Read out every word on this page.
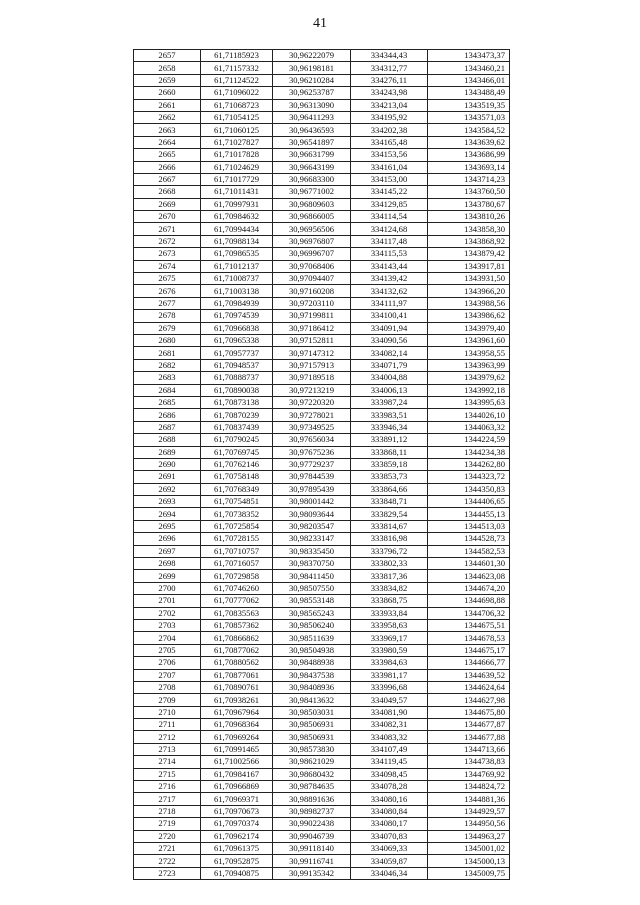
41
2657	61,71185923	30,96222079	334344,43	1343473,37
2658	61,71157332	30,96198181	334312,77	1343460,21
2659	61,71124522	30,96210284	334276,11	1343466,01
2660	61,71096022	30,96253787	334243,98	1343488,49
2661	61,71068723	30,96313090	334213,04	1343519,35
2662	61,71054125	30,96411293	334195,92	1343571,03
2663	61,71060125	30,96436593	334202,38	1343584,52
2664	61,71027827	30,96541897	334165,48	1343639,62
2665	61,71017828	30,96631799	334153,56	1343686,99
2666	61,71024629	30,96643199	334161,04	1343693,14
2667	61,71017729	30,96683300	334153,00	1343714,23
2668	61,71011431	30,96771002	334145,22	1343760,50
2669	61,70997931	30,96809603	334129,85	1343780,67
2670	61,70984632	30,96866005	334114,54	1343810,26
2671	61,70994434	30,96956506	334124,68	1343858,30
2672	61,70988134	30,96976807	334117,48	1343868,92
2673	61,70986535	30,96996707	334115,53	1343879,42
2674	61,71012137	30,97068406	334143,44	1343917,81
2675	61,71008737	30,97094407	334139,42	1343931,50
2676	61,71003138	30,97160208	334132,62	1343966,20
2677	61,70984939	30,97203110	334111,97	1343988,56
2678	61,70974539	30,97199811	334100,41	1343986,62
2679	61,70966838	30,97186412	334091,94	1343979,40
2680	61,70965338	30,97152811	334090,56	1343961,60
2681	61,70957737	30,97147312	334082,14	1343958,55
2682	61,70948537	30,97157913	334071,79	1343963,99
2683	61,70888737	30,97189518	334004,88	1343979,62
2684	61,70890038	30,97213219	334006,13	1343992,18
2685	61,70873138	30,97220320	333987,24	1343995,63
2686	61,70870239	30,97278021	333983,51	1344026,10
2687	61,70837439	30,97349525	333946,34	1344063,32
2688	61,70790245	30,97656034	333891,12	1344224,59
2689	61,70769745	30,97675236	333868,11	1344234,38
2690	61,70762146	30,97729237	333859,18	1344262,80
2691	61,70758148	30,97844539	333853,73	1344323,72
2692	61,70768349	30,97895439	333864,66	1344350,83
2693	61,70754851	30,98001442	333848,71	1344406,65
2694	61,70738352	30,98093644	333829,54	1344455,13
2695	61,70725854	30,98203547	333814,67	1344513,03
2696	61,70728155	30,98233147	333816,98	1344528,73
2697	61,70710757	30,98335450	333796,72	1344582,53
2698	61,70716057	30,98370750	333802,33	1344601,30
2699	61,70729858	30,98411450	333817,36	1344623,08
2700	61,70746260	30,98507550	333834,82	1344674,20
2701	61,70777062	30,98553148	333868,75	1344698,88
2702	61,70835563	30,98565243	333933,84	1344706,32
2703	61,70857362	30,98506240	333958,63	1344675,51
2704	61,70866862	30,98511639	333969,17	1344678,53
2705	61,70877062	30,98504938	333980,59	1344675,17
2706	61,70880562	30,98488938	333984,63	1344666,77
2707	61,70877061	30,98437538	333981,17	1344639,52
2708	61,70890761	30,98408936	333996,68	1344624,64
2709	61,70938261	30,98413632	334049,57	1344627,98
2710	61,70967964	30,98503031	334081,90	1344675,80
2711	61,70968364	30,98506931	334082,31	1344677,87
2712	61,70969264	30,98506931	334083,32	1344677,88
2713	61,70991465	30,98573830	334107,49	1344713,66
2714	61,71002566	30,98621029	334119,45	1344738,83
2715	61,70984167	30,98680432	334098,45	1344769,92
2716	61,70966869	30,98784635	334078,28	1344824,72
2717	61,70969371	30,98891636	334080,16	1344881,36
2718	61,70970673	30,98982737	334080,84	1344929,57
2719	61,70970374	30,99022438	334080,17	1344950,56
2720	61,70962174	30,99046739	334070,83	1344963,27
2721	61,70961375	30,99118140	334069,33	1345001,02
2722	61,70952875	30,99116741	334059,87	1345000,13
2723	61,70940875	30,99135342	334046,34	1345009,75
